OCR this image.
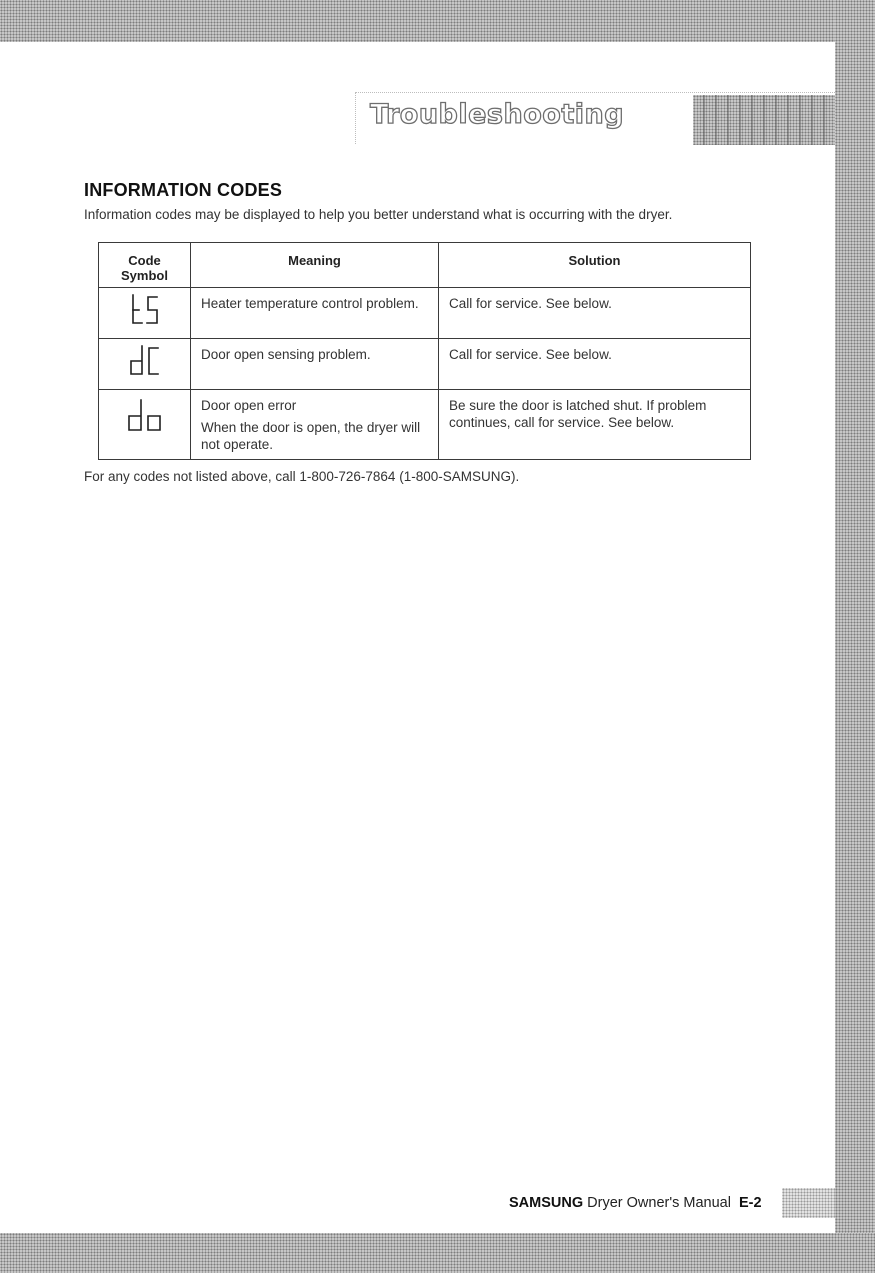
Troubleshooting
INFORMATION CODES

Information codes may be displayed to help you better understand what is occurring with the dryer.

Code
Symbol	Meaning	Solution

Heater temperature control problem.	Call for service. See below.

Door open sensing problem.	Call for service. See below.

Door open error
When the door is open, the dryer will not operate.	Be sure the door is latched shut. If problem continues, call for service. See below.

For any codes not listed above, call 1-800-726-7864 (1-800-SAMSUNG).

SAMSUNG Dryer Owner's Manual E-2
